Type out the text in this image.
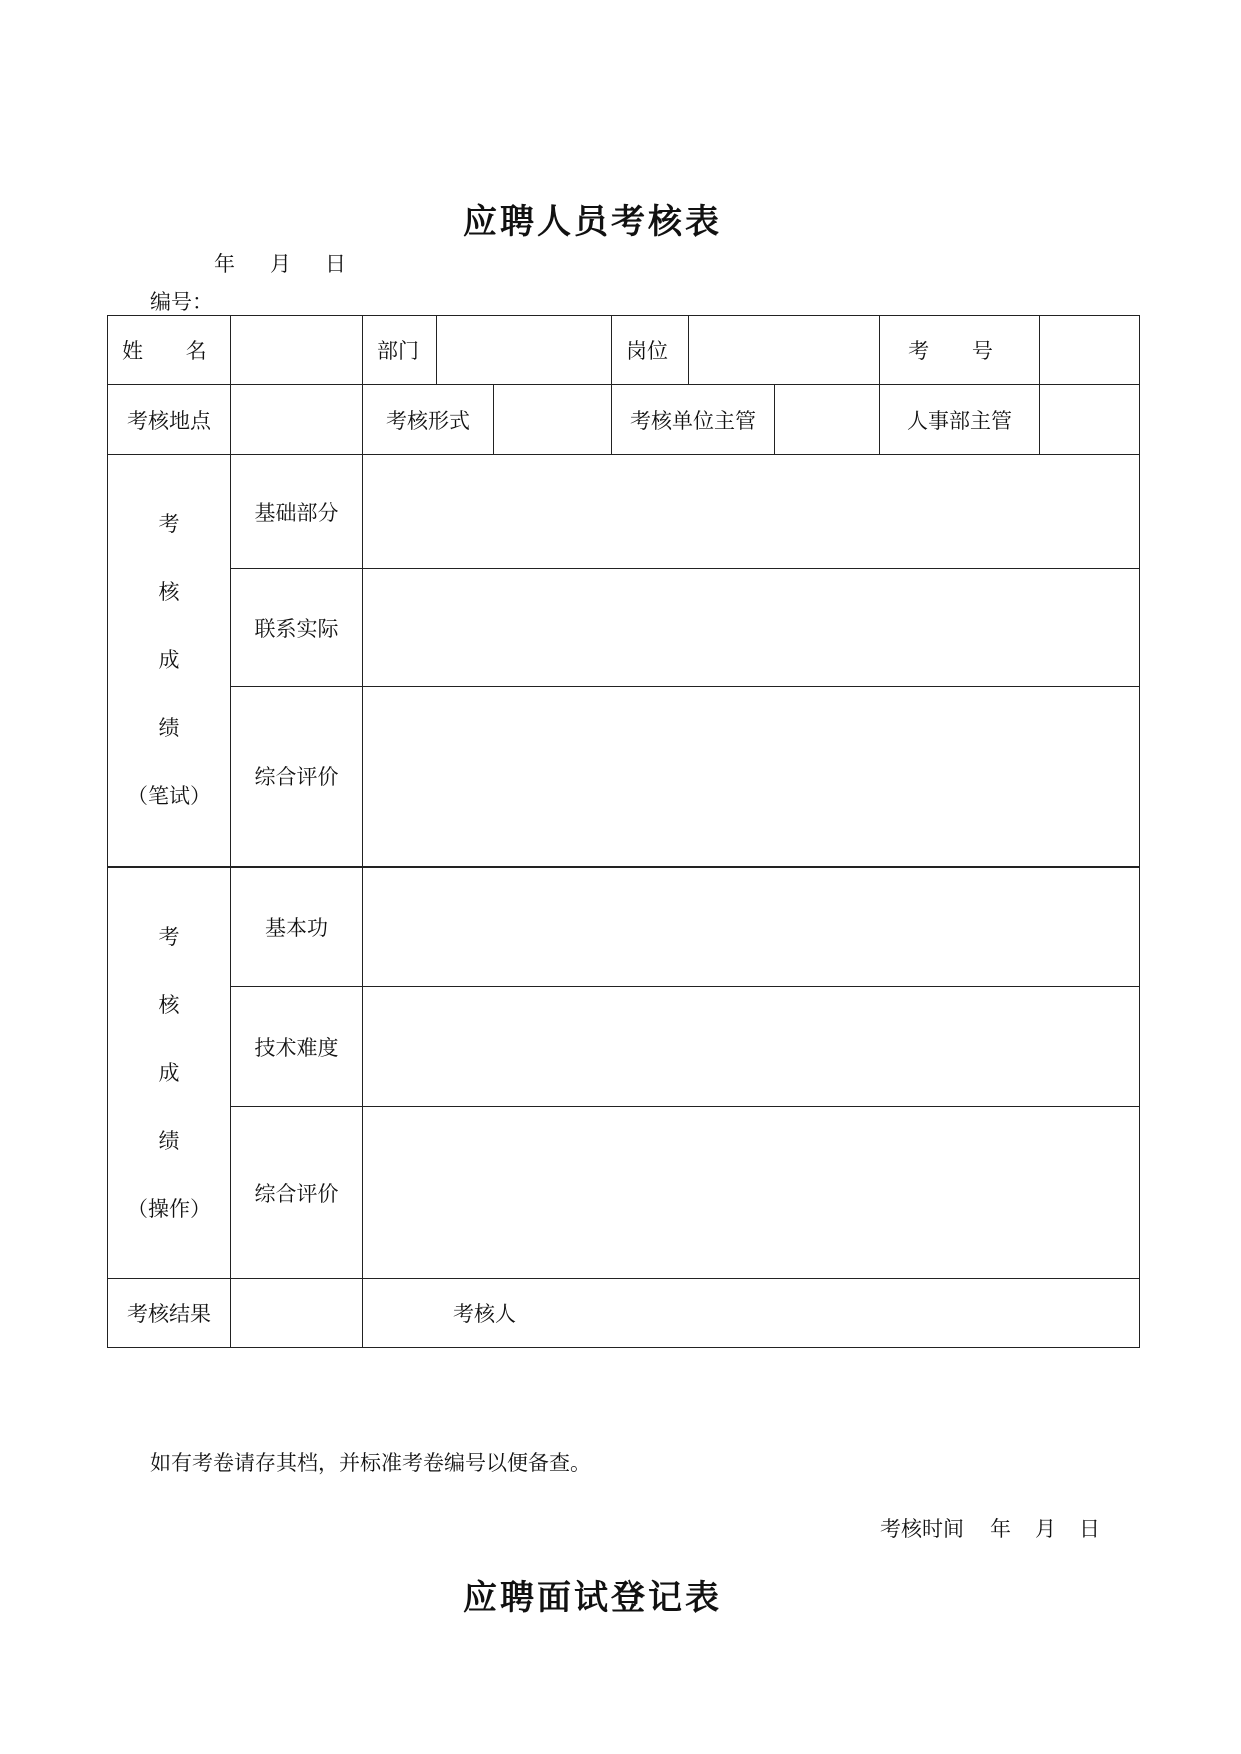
应聘人员考核表
年 月 日
编号：
姓 名		部门			岗位			考 号	
考核地点		考核形式			考核单位主管			人事部主管	

考
核
成
绩
（笔试）	基础部分								
	联系实际								
	综合评价								

考
核
成
绩
（操作）	基本功								
	技术难度								
	综合评价								
考核结果		考核人							
如有考卷请存其档，并标准考卷编号以便备查。
考核时间 年 月 日
应聘面试登记表
